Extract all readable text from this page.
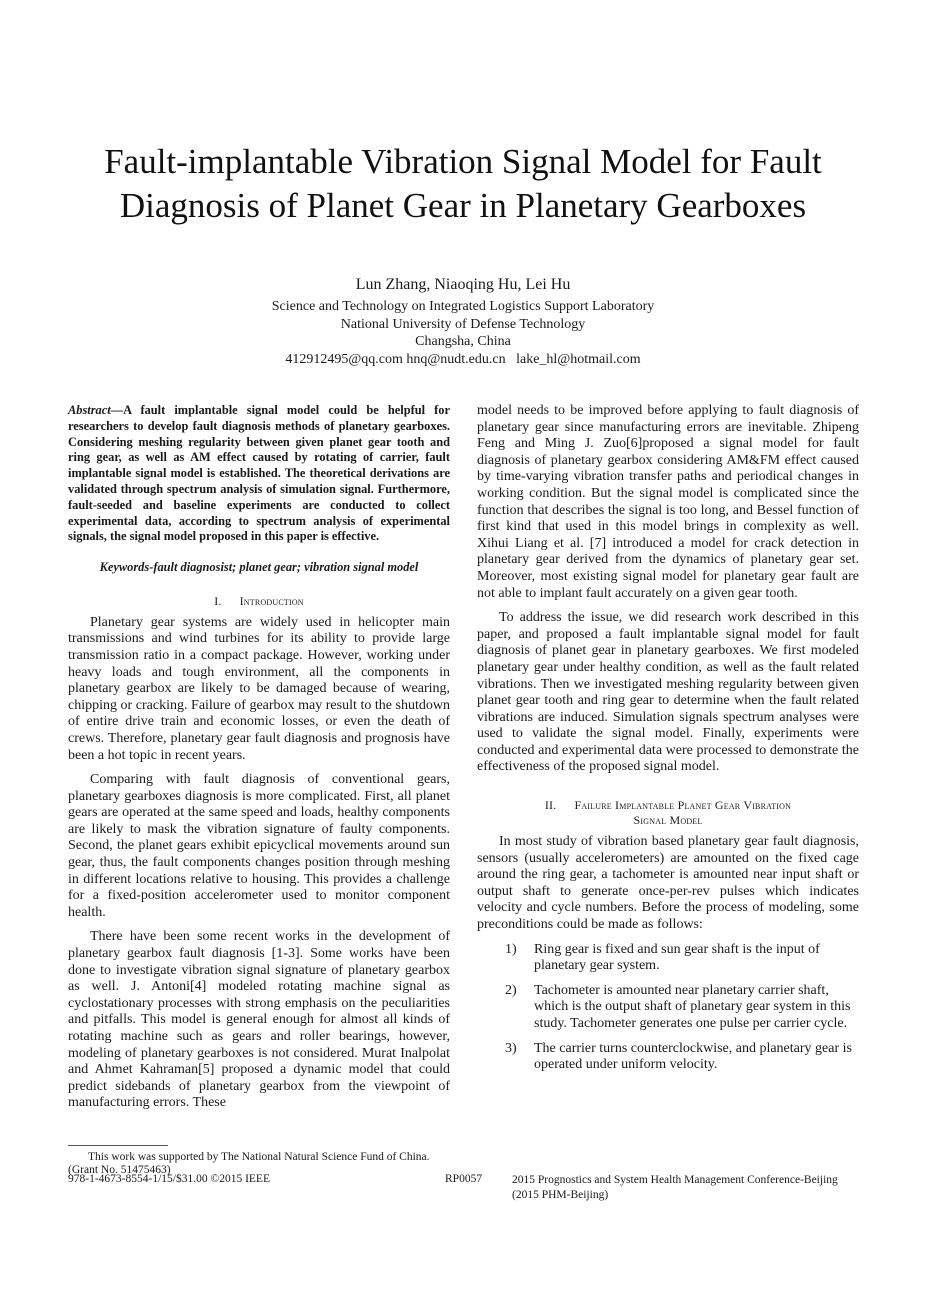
Fault-implantable Vibration Signal Model for Fault Diagnosis of Planet Gear in Planetary Gearboxes
Lun Zhang, Niaoqing Hu, Lei Hu
Science and Technology on Integrated Logistics Support Laboratory
National University of Defense Technology
Changsha, China
412912495@qq.com hnq@nudt.edu.cn   lake_hl@hotmail.com

Abstract—A fault implantable signal model could be helpful for researchers to develop fault diagnosis methods of planetary gearboxes. Considering meshing regularity between given planet gear tooth and ring gear, as well as AM effect caused by rotating of carrier, fault implantable signal model is established. The theoretical derivations are validated through spectrum analysis of simulation signal. Furthermore, fault-seeded and baseline experiments are conducted to collect experimental data, according to spectrum analysis of experimental signals, the signal model proposed in this paper is effective.

Keywords-fault diagnosist; planet gear; vibration signal model
I. Introduction

Planetary gear systems are widely used in helicopter main transmissions and wind turbines for its ability to provide large transmission ratio in a compact package. However, working under heavy loads and tough environment, all the components in planetary gearbox are likely to be damaged because of wearing, chipping or cracking. Failure of gearbox may result to the shutdown of entire drive train and economic losses, or even the death of crews. Therefore, planetary gear fault diagnosis and prognosis have been a hot topic in recent years.

Comparing with fault diagnosis of conventional gears, planetary gearboxes diagnosis is more complicated. First, all planet gears are operated at the same speed and loads, healthy components are likely to mask the vibration signature of faulty components. Second, the planet gears exhibit epicyclical movements around sun gear, thus, the fault components changes position through meshing in different locations relative to housing. This provides a challenge for a fixed-position accelerometer used to monitor component health.

There have been some recent works in the development of planetary gearbox fault diagnosis [1-3]. Some works have been done to investigate vibration signal signature of planetary gearbox as well. J. Antoni[4] modeled rotating machine signal as cyclostationary processes with strong emphasis on the peculiarities and pitfalls. This model is general enough for almost all kinds of rotating machine such as gears and roller bearings, however, modeling of planetary gearboxes is not considered. Murat Inalpolat and Ahmet Kahraman[5] proposed a dynamic model that could predict sidebands of planetary gearbox from the viewpoint of manufacturing errors. These

model needs to be improved before applying to fault diagnosis of planetary gear since manufacturing errors are inevitable. Zhipeng Feng and Ming J. Zuo[6]proposed a signal model for fault diagnosis of planetary gearbox considering AM&FM effect caused by time-varying vibration transfer paths and periodical changes in working condition. But the signal model is complicated since the function that describes the signal is too long, and Bessel function of first kind that used in this model brings in complexity as well. Xihui Liang et al. [7] introduced a model for crack detection in planetary gear derived from the dynamics of planetary gear set. Moreover, most existing signal model for planetary gear fault are not able to implant fault accurately on a given gear tooth.

To address the issue, we did research work described in this paper, and proposed a fault implantable signal model for fault diagnosis of planet gear in planetary gearboxes. We first modeled planetary gear under healthy condition, as well as the fault related vibrations. Then we investigated meshing regularity between given planet gear tooth and ring gear to determine when the fault related vibrations are induced. Simulation signals spectrum analyses were used to validate the signal model. Finally, experiments were conducted and experimental data were processed to demonstrate the effectiveness of the proposed signal model.

II. Failure Implantable Planet Gear Vibration
Signal Model

In most study of vibration based planetary gear fault diagnosis, sensors (usually accelerometers) are amounted on the fixed cage around the ring gear, a tachometer is amounted near input shaft or output shaft to generate once-per-rev pulses which indicates velocity and cycle numbers. Before the process of modeling, some preconditions could be made as follows:

1) Ring gear is fixed and sun gear shaft is the input of planetary gear system.
2) Tachometer is amounted near planetary carrier shaft, which is the output shaft of planetary gear system in this study. Tachometer generates one pulse per carrier cycle.
3) The carrier turns counterclockwise, and planetary gear is operated under uniform velocity.
This work was supported by The National Natural Science Fund of China.
(Grant No. 51475463)
978-1-4673-8554-1/15/$31.00 ©2015 IEEE	RP0057	2015 Prognostics and System Health Management Conference-Beijing
(2015 PHM-Beijing)
